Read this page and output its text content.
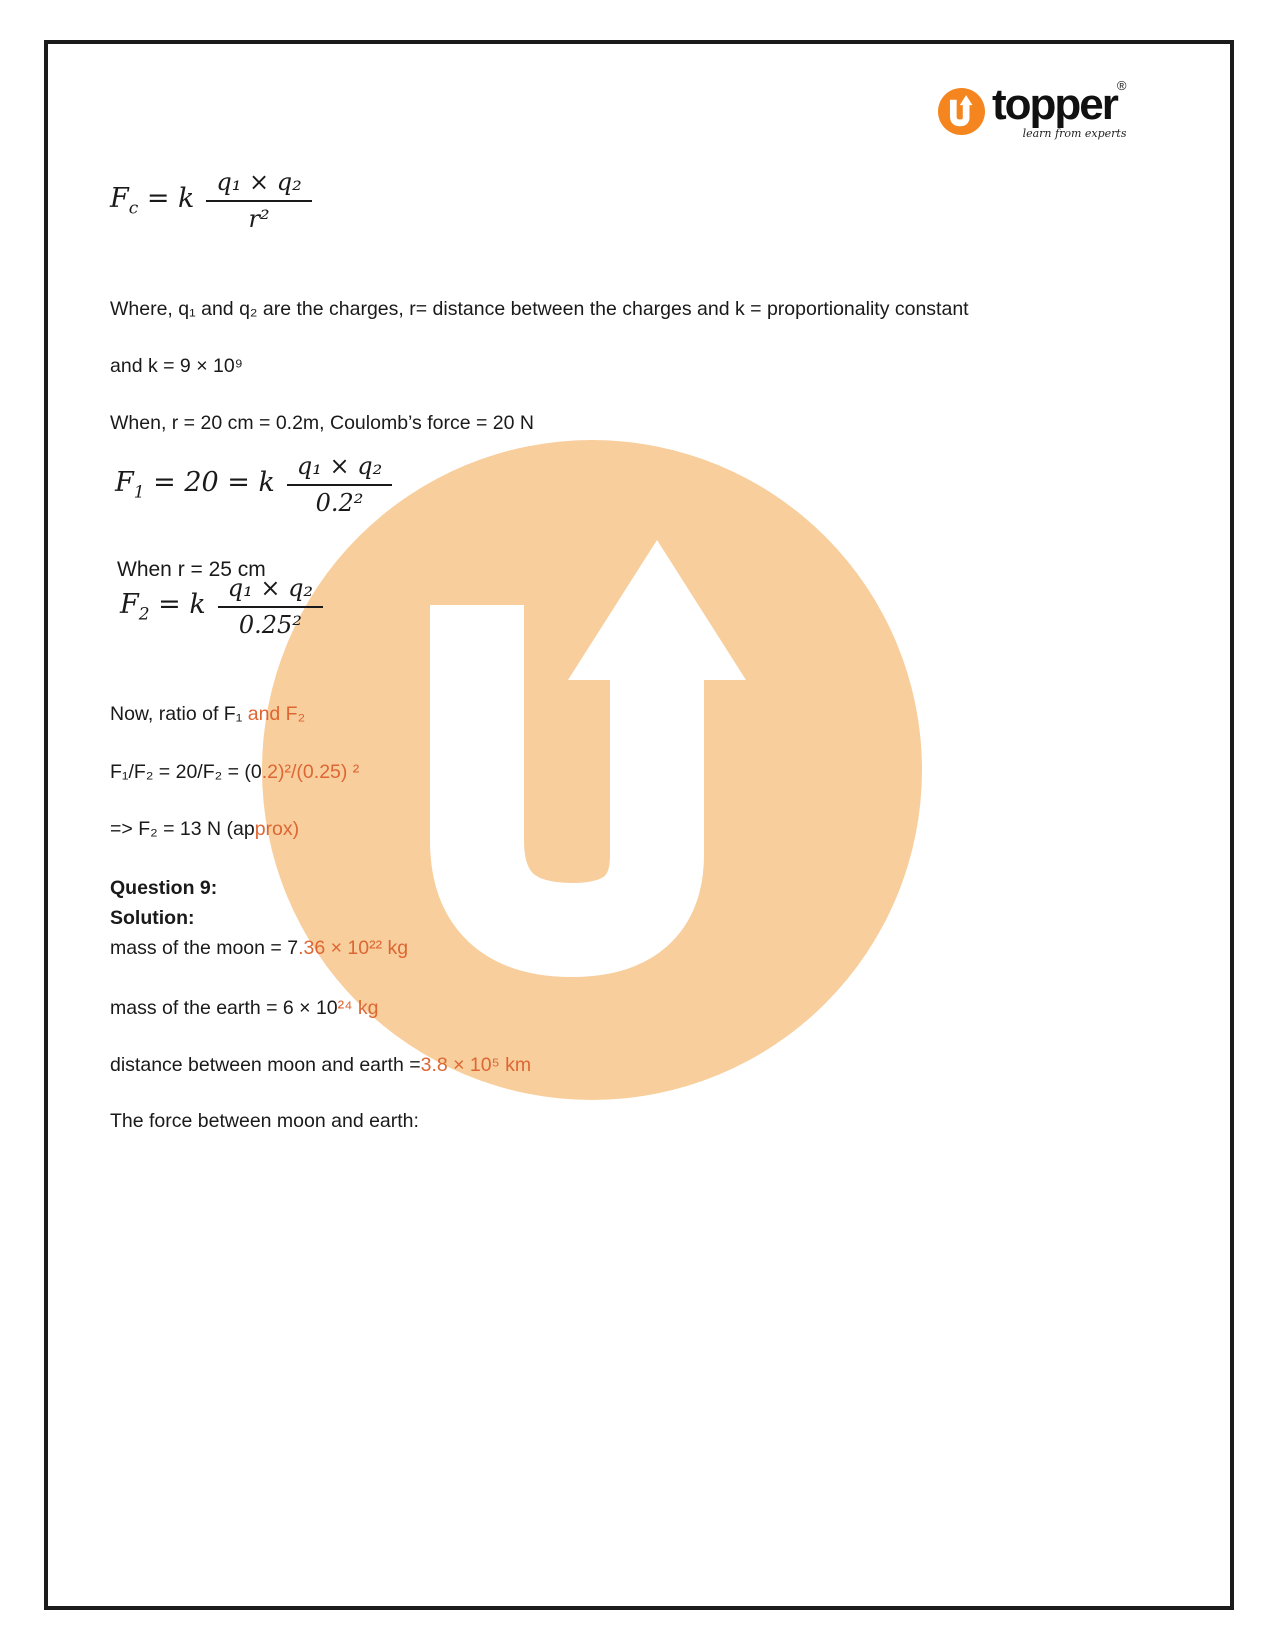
topper®
learn from experts
$F_c = k \frac{\text{q₁ × q₂}}{\text{r²}}$

Where, q₁ and q₂ are the charges, r= distance between the charges and k = proportionality constant

and k = 9 × 10⁹

When, r = 20 cm = 0.2m, Coulomb’s force = 20 N

$F_1 = 20 = k \frac{\text{q₁ × q₂}}{\text{0.2²}}$

When r = 25 cm

$F_2 = k \frac{\text{q₁ × q₂}}{\text{0.25²}}$

Now, ratio of F₁ and F₂

F₁/F₂ = 20/F₂ = (0.2)²/(0.25) ²

=> F₂ = 13 N (approx)

Question 9:

Solution:

mass of the moon = 7.36 × 10²² kg

mass of the earth = 6 × 10²⁴ kg

distance between moon and earth =3.8 × 10⁵ km

The force between moon and earth:
